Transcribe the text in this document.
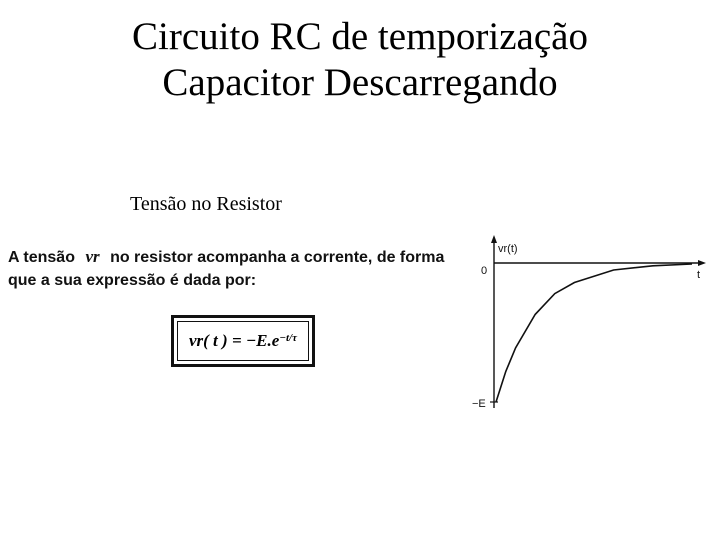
Circuito RC de temporização
Capacitor Descarregando
Tensão no Resistor
A tensão vr no resistor acompanha a corrente, de forma
que a sua expressão é dada por:
vr( t ) = $-E.e^{-t/\tau}$
vr(t)
t
0
−E
